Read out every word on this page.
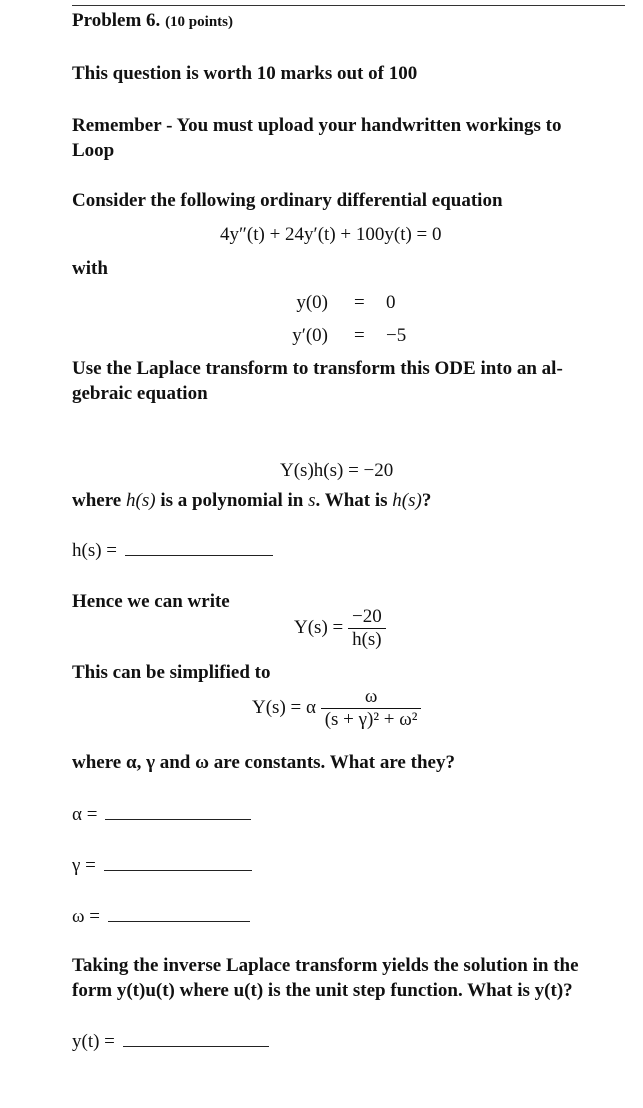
Problem 6. (10 points)
This question is worth 10 marks out of 100
Remember - You must upload your handwritten workings to
Loop
Consider the following ordinary differential equation
4y″(t) + 24y′(t) + 100y(t) = 0
with
y(0) = 0
y′(0) = −5
Use the Laplace transform to transform this ODE into an al-
gebraic equation
Y(s)h(s) = −20
where h(s) is a polynomial in s. What is h(s)?
h(s) =
Hence we can write
$Y(s) = \frac{-20}{h(s)}$
This can be simplified to
Y(s) = α $\frac{\omega}{\text{(s + γ)² + ω²}}$
where α, γ and ω are constants. What are they?
α =
γ =
ω =
Taking the inverse Laplace transform yields the solution in the
form y(t)u(t) where u(t) is the unit step function. What is y(t)?
y(t) =
